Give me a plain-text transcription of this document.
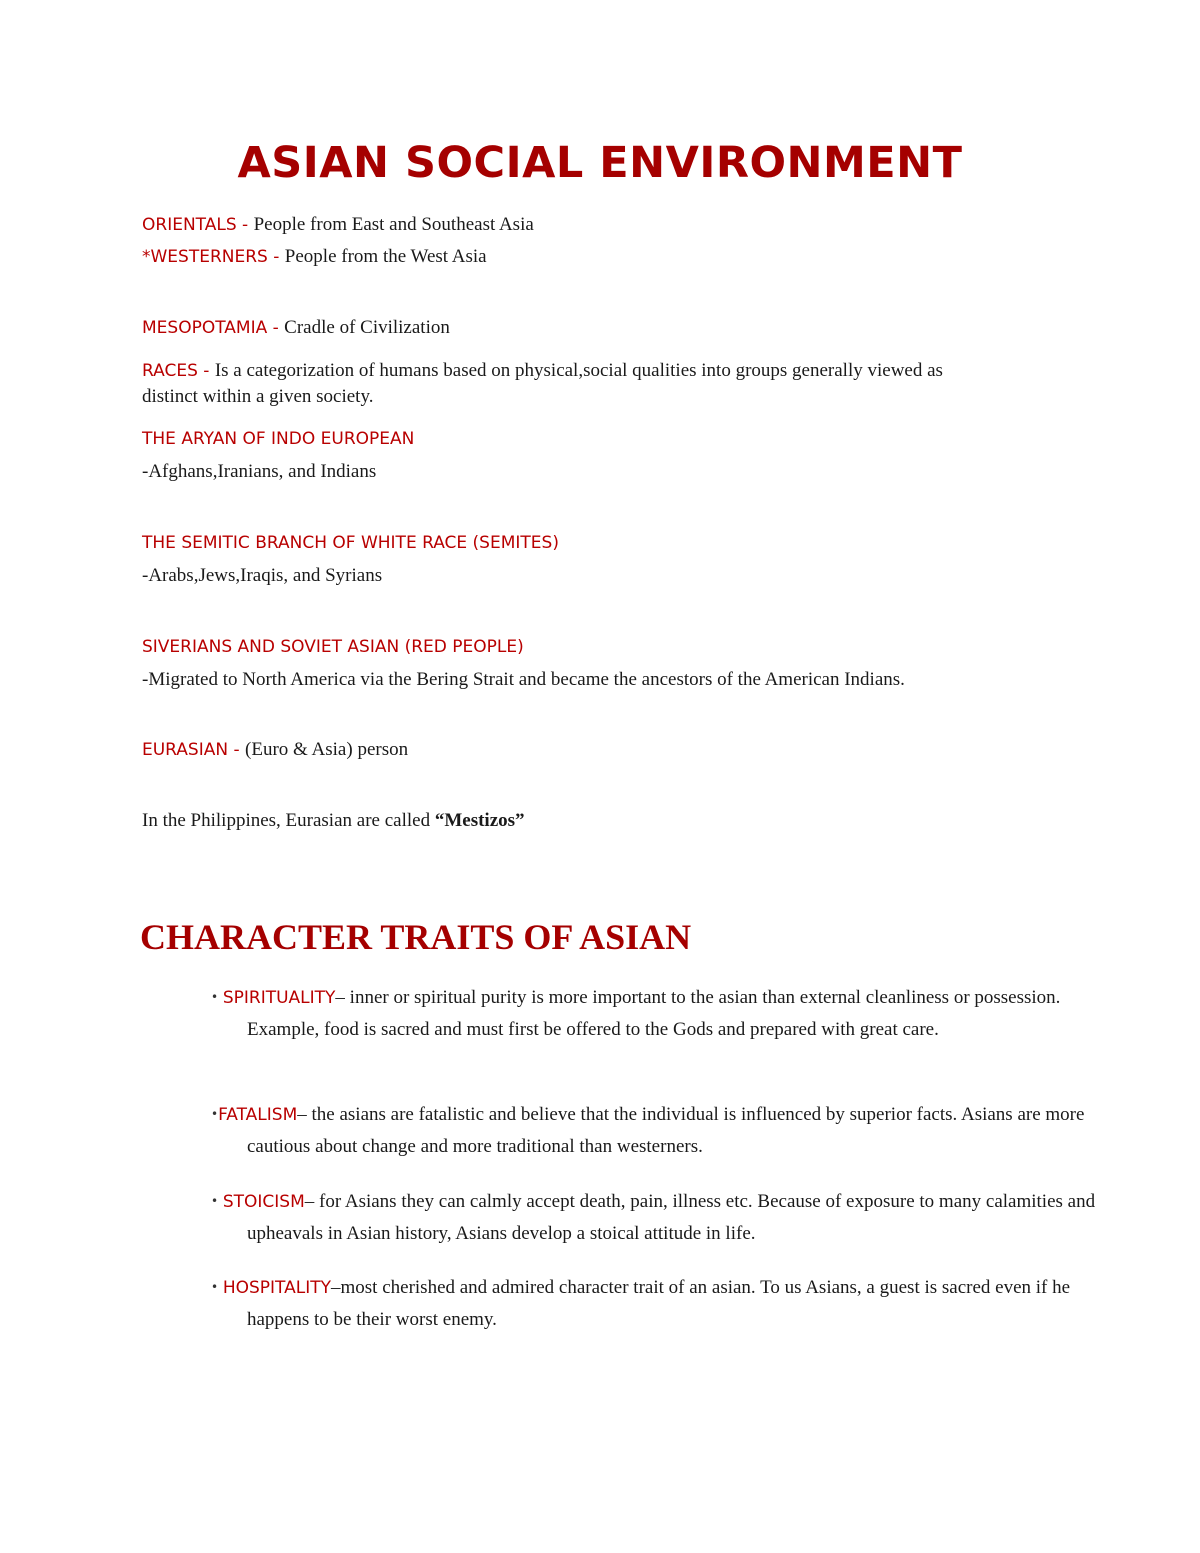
ASIAN SOCIAL ENVIRONMENT

ORIENTALS - People from East and Southeast Asia

*WESTERNERS - People from the West Asia

MESOPOTAMIA - Cradle of Civilization

RACES - Is a categorization of humans based on physical,social qualities into groups generally viewed as

distinct within a given society.

THE ARYAN OF INDO EUROPEAN

-Afghans,Iranians, and Indians

THE SEMITIC BRANCH OF WHITE RACE (SEMITES)

-Arabs,Jews,Iraqis, and Syrians

SIVERIANS AND SOVIET ASIAN (RED PEOPLE)

-Migrated to North America via the Bering Strait and became the ancestors of the American Indians.

EURASIAN - (Euro & Asia) person

In the Philippines, Eurasian are called “Mestizos”

CHARACTER TRAITS OF ASIAN

• SPIRITUALITY– inner or spiritual purity is more important to the asian than external cleanliness or possession. Example, food is sacred and must first be offered to the Gods and prepared with great care.

•FATALISM– the asians are fatalistic and believe that the individual is influenced by superior facts. Asians are more cautious about change and more traditional than westerners.

• STOICISM– for Asians they can calmly accept death, pain, illness etc. Because of exposure to many calamities and upheavals in Asian history, Asians develop a stoical attitude in life.

• HOSPITALITY–most cherished and admired character trait of an asian. To us Asians, a guest is sacred even if he happens to be their worst enemy.
